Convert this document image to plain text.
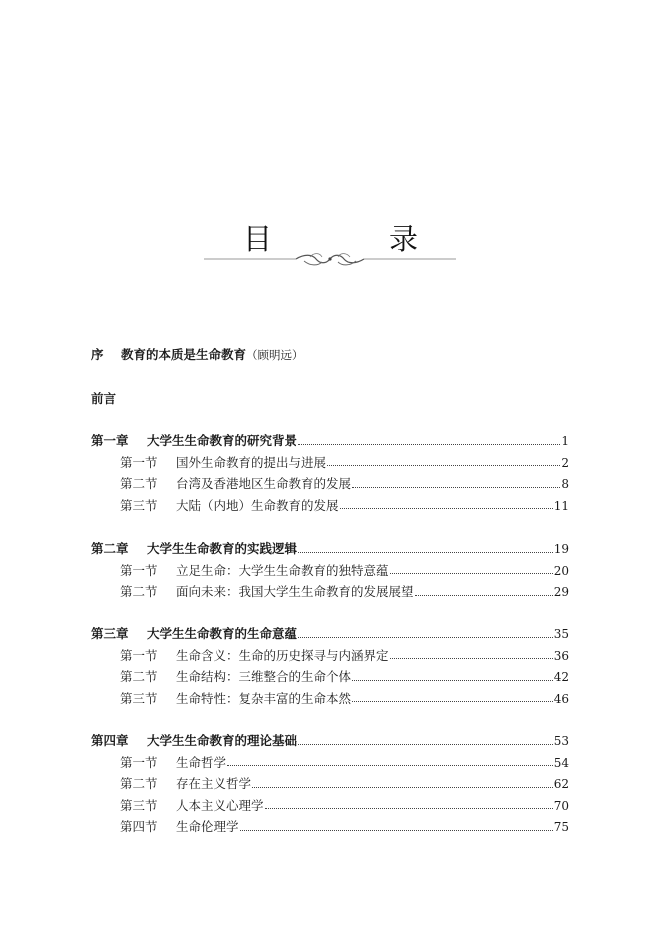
目　录
序 教育的本质是生命教育（顾明远）
前言
第一章	大学生生命教育的研究背景	1
第一节	国外生命教育的提出与进展	2
第二节	台湾及香港地区生命教育的发展	8
第三节	大陆（内地）生命教育的发展	11
第二章	大学生生命教育的实践逻辑	19
第一节	立足生命：大学生生命教育的独特意蕴	20
第二节	面向未来：我国大学生生命教育的发展展望	29
第三章	大学生生命教育的生命意蕴	35
第一节	生命含义：生命的历史探寻与内涵界定	36
第二节	生命结构：三维整合的生命个体	42
第三节	生命特性：复杂丰富的生命本然	46
第四章	大学生生命教育的理论基础	53
第一节	生命哲学	54
第二节	存在主义哲学	62
第三节	人本主义心理学	70
第四节	生命伦理学	75
